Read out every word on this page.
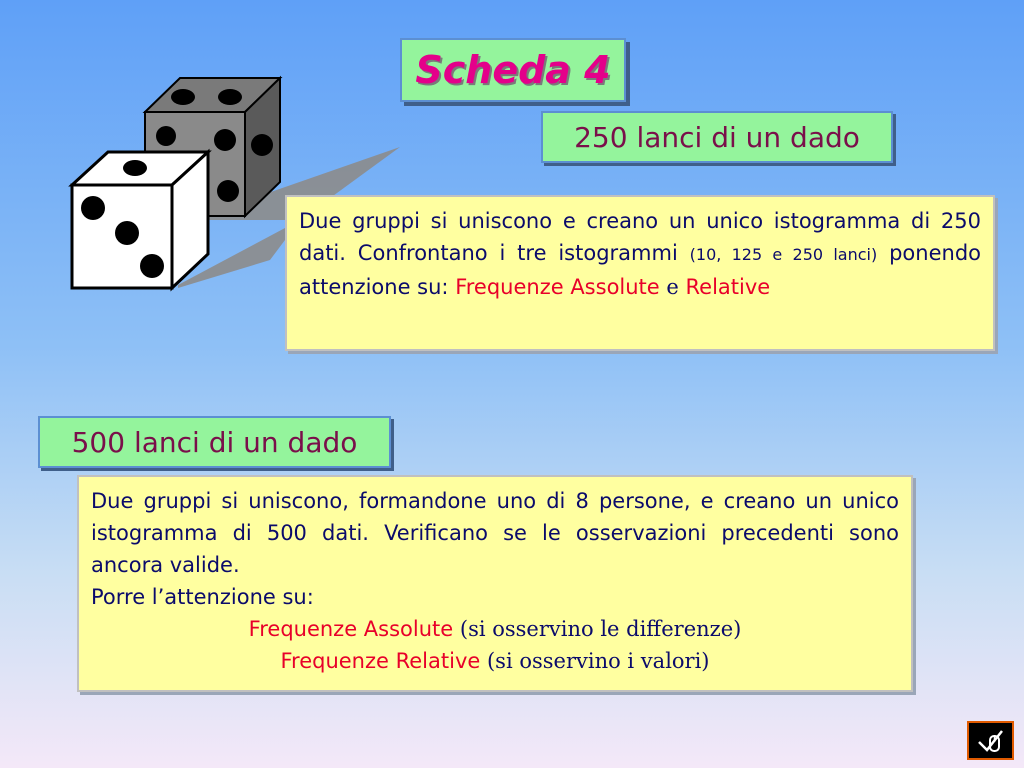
Scheda 4
250 lanci di un dado
Due gruppi si uniscono e creano un unico istogramma di 250 dati. Confrontano i tre istogrammi (10, 125 e 250 lanci) ponendo attenzione su: Frequenze Assolute e Relative
500 lanci di un dado
Due gruppi si uniscono, formandone uno di 8 persone, e creano un unico istogramma di 500 dati. Verificano se le osservazioni precedenti sono ancora valide.
Porre l’attenzione su:
Frequenze Assolute (si osservino le differenze)
Frequenze Relative (si osservino i valori)
